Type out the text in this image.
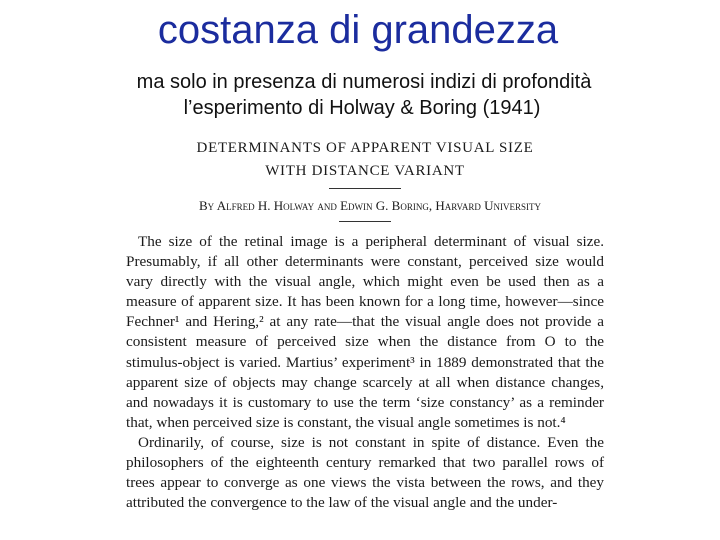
costanza di grandezza
ma solo in presenza di numerosi indizi di profondità
l’esperimento di Holway & Boring (1941)
DETERMINANTS OF APPARENT VISUAL SIZE
WITH DISTANCE VARIANT
By Alfred H. Holway and Edwin G. Boring, Harvard University

The size of the retinal image is a peripheral determinant of visual size. Presumably, if all other determinants were constant, perceived size would vary directly with the visual angle, which might even be used then as a measure of apparent size. It has been known for a long time, however—since Fechner¹ and Hering,² at any rate—that the visual angle does not provide a consistent measure of perceived size when the distance from O to the stimulus-object is varied. Martius’ experiment³ in 1889 demonstrated that the apparent size of objects may change scarcely at all when distance changes, and nowadays it is customary to use the term ‘size constancy’ as a reminder that, when perceived size is constant, the visual angle sometimes is not.⁴

Ordinarily, of course, size is not constant in spite of distance. Even the philosophers of the eighteenth century remarked that two parallel rows of trees appear to converge as one views the vista between the rows, and they attributed the convergence to the law of the visual angle and the under-
